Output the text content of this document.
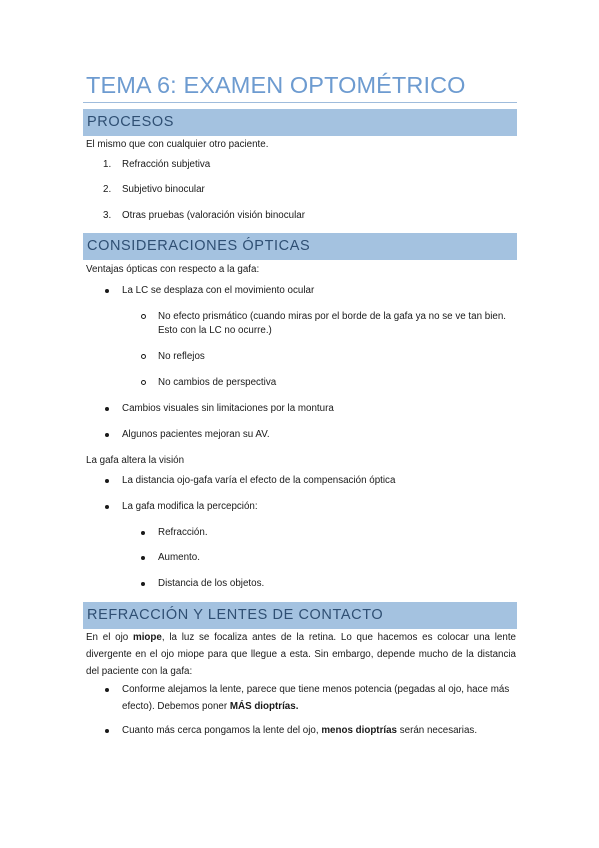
TEMA 6: EXAMEN OPTOMÉTRICO
PROCESOS
El mismo que con cualquier otro paciente.
1. Refracción subjetiva
2. Subjetivo binocular
3. Otras pruebas (valoración visión binocular
CONSIDERACIONES ÓPTICAS
Ventajas ópticas con respecto a la gafa:
La LC se desplaza con el movimiento ocular
No efecto prismático (cuando miras por el borde de la gafa ya no se ve tan bien.
Esto con la LC no ocurre.)
No reflejos
No cambios de perspectiva
Cambios visuales sin limitaciones por la montura
Algunos pacientes mejoran su AV.
La gafa altera la visión
La distancia ojo-gafa varía el efecto de la compensación óptica
La gafa modifica la percepción:
Refracción.
Aumento.
Distancia de los objetos.
REFRACCIÓN Y LENTES DE CONTACTO
En el ojo miope, la luz se focaliza antes de la retina. Lo que hacemos es colocar una lente divergente en el ojo miope para que llegue a esta. Sin embargo, depende mucho de la distancia del paciente con la gafa:
Conforme alejamos la lente, parece que tiene menos potencia (pegadas al ojo, hace más efecto). Debemos poner MÁS dioptrías.
Cuanto más cerca pongamos la lente del ojo, menos dioptrías serán necesarias.
